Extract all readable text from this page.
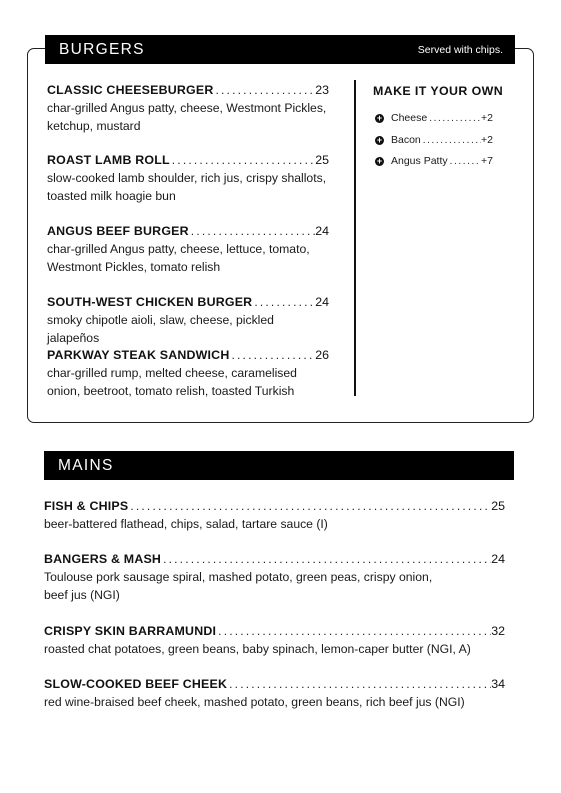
BURGERS	Served with chips.
CLASSIC CHEESEBURGER .....	23
char-grilled Angus patty, cheese, Westmont Pickles, ketchup, mustard
ROAST LAMB ROLL .....	25
slow-cooked lamb shoulder, rich jus, crispy shallots, toasted milk hoagie bun
ANGUS BEEF BURGER .....	24
char-grilled Angus patty, cheese, lettuce, tomato, Westmont Pickles, tomato relish
SOUTH-WEST CHICKEN BURGER .....	24
smoky chipotle aioli, slaw, cheese, pickled jalapeños
PARKWAY STEAK SANDWICH .....	26
char-grilled rump, melted cheese, caramelised onion, beetroot, tomato relish, toasted Turkish
MAKE IT YOUR OWN
+ Cheese .....	+2
+ Bacon .....	+2
+ Angus Patty .....	+7
MAINS
FISH & CHIPS .....	25
beer-battered flathead, chips, salad, tartare sauce (I)
BANGERS & MASH .....	24
Toulouse pork sausage spiral, mashed potato, green peas, crispy onion, beef jus (NGI)
CRISPY SKIN BARRAMUNDI .....	32
roasted chat potatoes, green beans, baby spinach, lemon-caper butter (NGI, A)
SLOW-COOKED BEEF CHEEK .....	34
red wine-braised beef cheek, mashed potato, green beans, rich beef jus (NGI)
